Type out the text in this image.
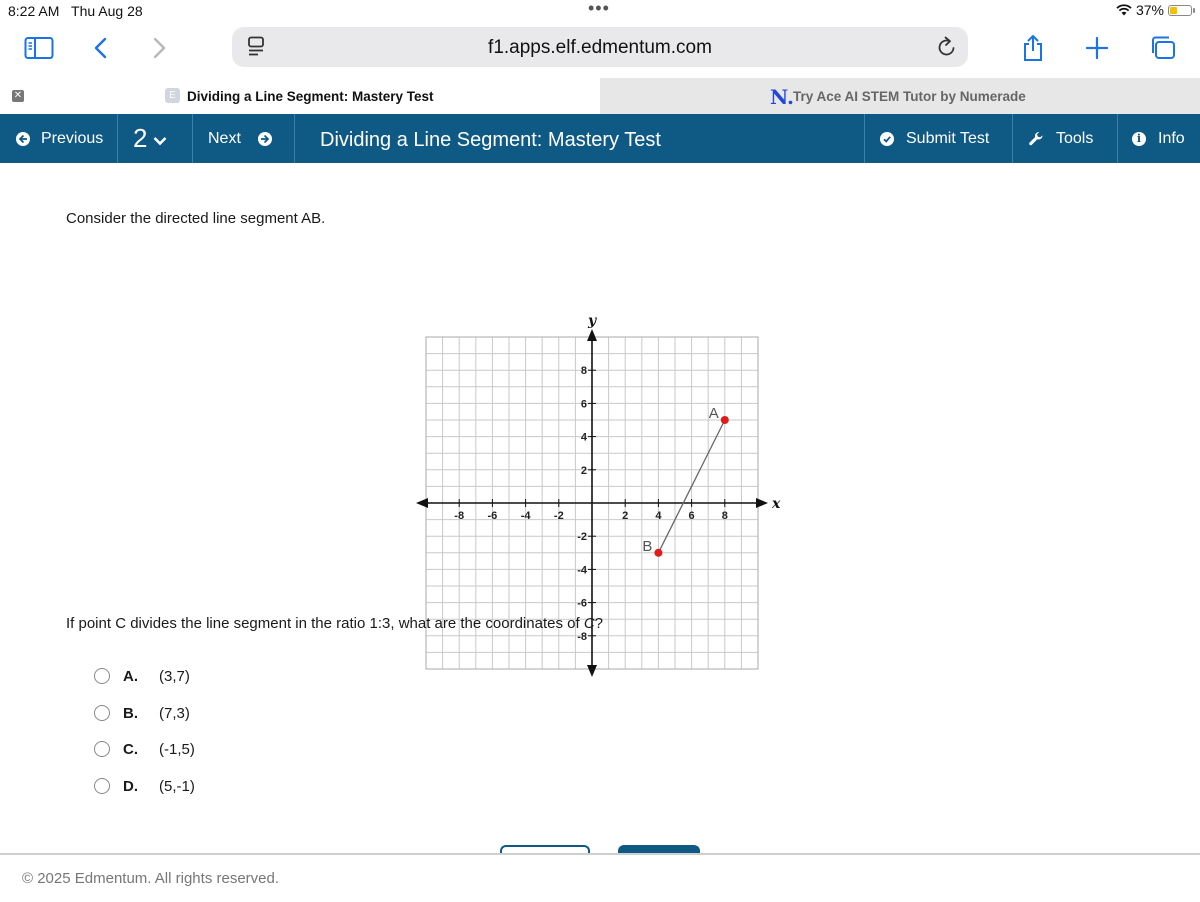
8:22 AM Thu Aug 28	•••	37%
f1.apps.elf.edmentum.com
✕	E Dividing a Line Segment: Mastery Test	N. Try Ace AI STEM Tutor by Numerade
Previous 2	Next	Dividing a Line Segment: Mastery Test	Submit Test	Tools	i	Info
Consider the directed line segment AB.
x
y
-8 -6 -4 -2	2 4 6 8
8
6
4
2
-2
-4
-6
-8
A
B
If point C divides the line segment in the ratio 1:3, what are the coordinates of C?
A.	(3,7)
B.	(7,3)
C.	(-1,5)
D.	(5,-1)
© 2025 Edmentum. All rights reserved.
